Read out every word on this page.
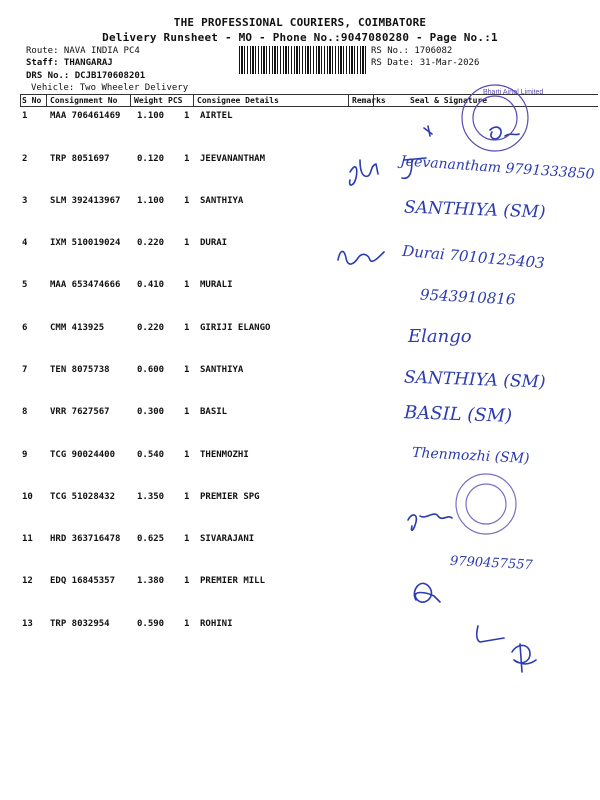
THE PROFESSIONAL COURIERS, COIMBATORE
Delivery Runsheet - MO - Phone No.:9047080280 - Page No.:1
Route: NAVA INDIA PC4
Staff: THANGARAJ
DRS No.: DCJB170608201
Vehicle: Two Wheeler Delivery
RS No.: 1706082
RS Date: 31-Mar-2026
S No Consignment No Weight PCS Consignee Details	Remarks	Seal & Signature
1	MAA 706461469 1.100 1 AIRTEL
2	TRP 8051697	0.120 1 JEEVANANTHAM
3	SLM 392413967 1.100 1 SANTHIYA
4	IXM 510019024 0.220 1 DURAI
5	MAA 653474666 0.410 1 MURALI
6	CMM 413925	0.220 1 GIRIJI ELANGO
7	TEN 8075738	0.600 1 SANTHIYA
8	VRR 7627567	0.300 1 BASIL
9	TCG 90024400 0.540 1 THENMOZHI
10 TCG 51028432 1.350 1 PREMIER SPG
11 HRD 363716478 0.625 1 SIVARAJANI
12 EDQ 16845357 1.380 1 PREMIER MILL
13 TRP 8032954	0.590 1 ROHINI
Bharti Airtel Limited
Jeevanantham 9791333850
SANTHIYA (SM)
Durai 7010125403
9543910816
Elango
SANTHIYA (SM)
BASIL (SM)
Thenmozhi (SM)
9790457557
